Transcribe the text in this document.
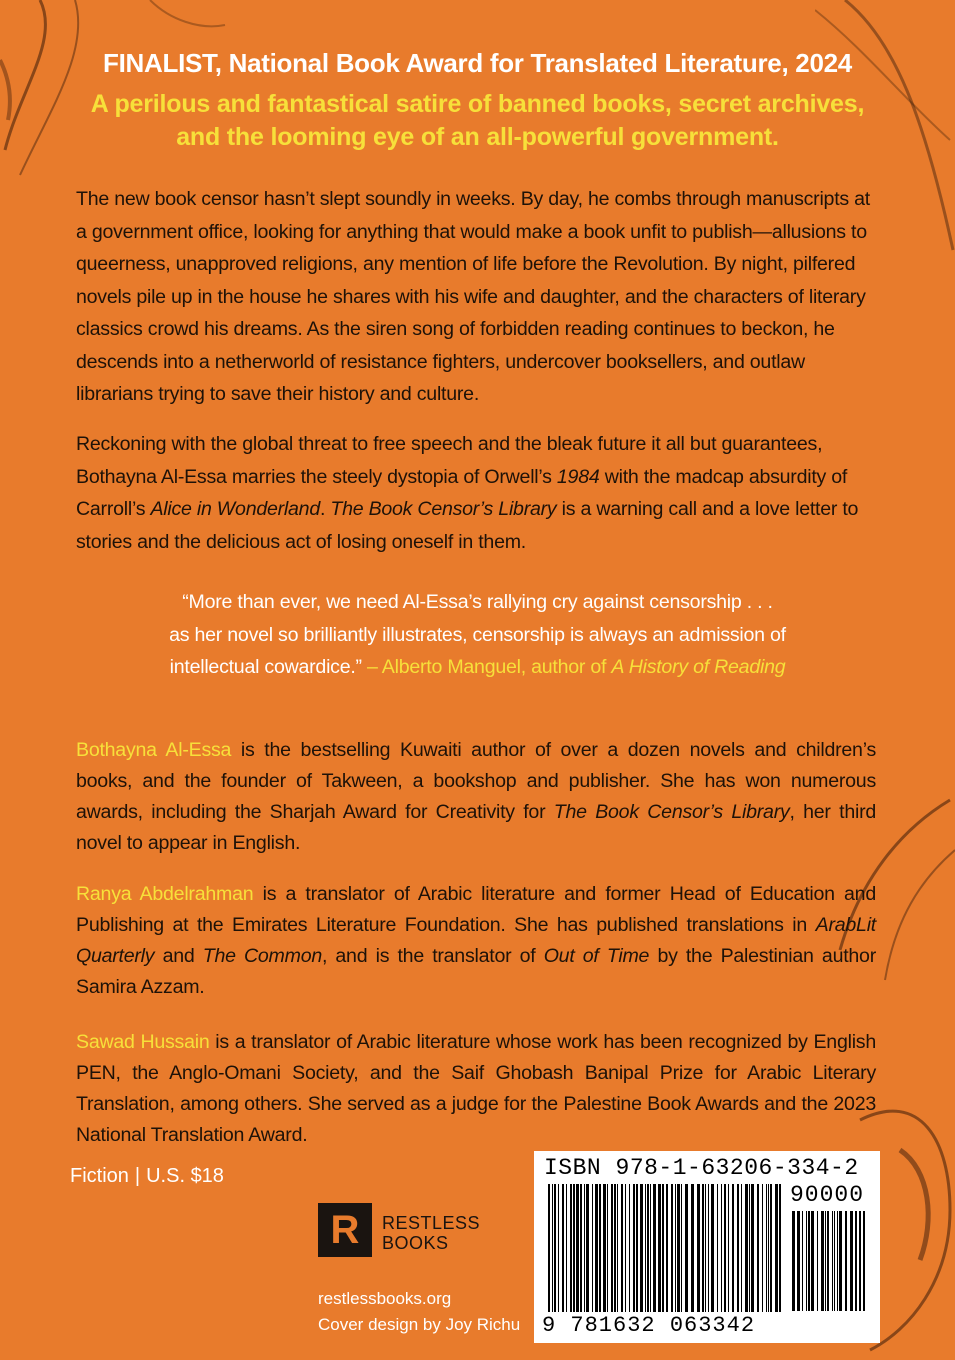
FINALIST, National Book Award for Translated Literature, 2024
A perilous and fantastical satire of banned books, secret archives,
and the looming eye of an all-powerful government.

The new book censor hasn’t slept soundly in weeks. By day, he combs through manuscripts at a government office, looking for anything that would make a book unfit to publish—allusions to queerness, unapproved religions, any mention of life before the Revolution. By night, pilfered novels pile up in the house he shares with his wife and daughter, and the characters of literary classics crowd his dreams. As the siren song of forbidden reading continues to beckon, he descends into a netherworld of resistance fighters, undercover booksellers, and outlaw librarians trying to save their history and culture.

Reckoning with the global threat to free speech and the bleak future it all but guarantees, Bothayna Al-Essa marries the steely dystopia of Orwell’s 1984 with the madcap absurdity of Carroll’s Alice in Wonderland. The Book Censor’s Library is a warning call and a love letter to stories and the delicious act of losing oneself in them.

“More than ever, we need Al-Essa’s rallying cry against censorship . . .
as her novel so brilliantly illustrates, censorship is always an admission of
intellectual cowardice.” – Alberto Manguel, author of A History of Reading

Bothayna Al-Essa is the bestselling Kuwaiti author of over a dozen novels and children’s books, and the founder of Takween, a bookshop and publisher. She has won numerous awards, including the Sharjah Award for Creativity for The Book Censor’s Library, her third novel to appear in English.

Ranya Abdelrahman is a translator of Arabic literature and former Head of Education and Publishing at the Emirates Literature Foundation. She has published translations in ArabLit Quarterly and The Common, and is the translator of Out of Time by the Palestinian author Samira Azzam.

Sawad Hussain is a translator of Arabic literature whose work has been recognized by English PEN, the Anglo-Omani Society, and the Saif Ghobash Banipal Prize for Arabic Literary Translation, among others. She served as a judge for the Palestine Book Awards and the 2023 National Translation Award.

Fiction | U.S. $18
R RESTLESS
BOOKS
restlessbooks.org
Cover design by Joy Richu
ISBN 978-1-63206-334-2
90000
9 781632 063342
